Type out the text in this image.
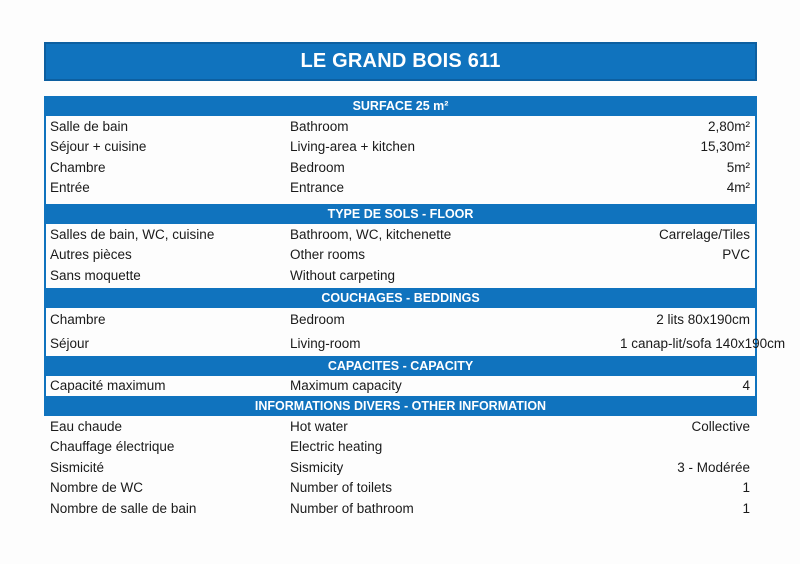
LE GRAND BOIS 611
SURFACE 25 m²
Salle de bain	Bathroom	2,80m²
Séjour + cuisine	Living-area + kitchen	15,30m²
Chambre	Bedroom	5m²
Entrée	Entrance	4m²
TYPE DE SOLS - FLOOR
Salles de bain, WC, cuisine	Bathroom, WC, kitchenette	Carrelage/Tiles
Autres pièces	Other rooms	PVC
Sans moquette	Without carpeting
COUCHAGES - BEDDINGS
Chambre	Bedroom	2 lits 80x190cm
Séjour	Living-room	1 canap-lit/sofa 140x190cm
CAPACITES - CAPACITY
Capacité maximum	Maximum capacity	4
INFORMATIONS DIVERS - OTHER INFORMATION
Eau chaude	Hot water	Collective
Chauffage électrique	Electric heating
Sismicité	Sismicity	3 - Modérée
Nombre de WC	Number of toilets	1
Nombre de salle de bain	Number of bathroom	1
